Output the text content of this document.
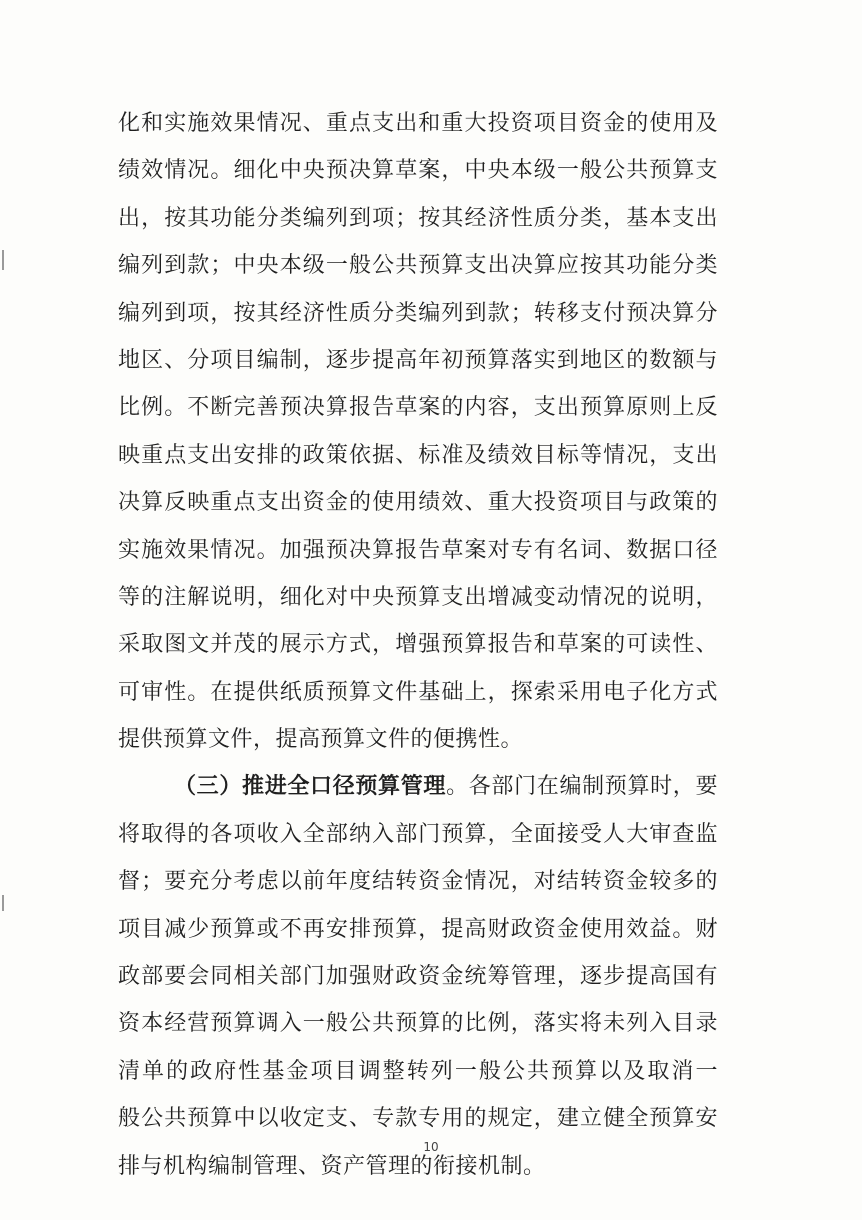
化和实施效果情况、重点支出和重大投资项目资金的使用及
绩效情况。细化中央预决算草案，中央本级一般公共预算支
出，按其功能分类编列到项；按其经济性质分类，基本支出
编列到款；中央本级一般公共预算支出决算应按其功能分类
编列到项，按其经济性质分类编列到款；转移支付预决算分
地区、分项目编制，逐步提高年初预算落实到地区的数额与
比例。不断完善预决算报告草案的内容，支出预算原则上反
映重点支出安排的政策依据、标准及绩效目标等情况，支出
决算反映重点支出资金的使用绩效、重大投资项目与政策的
实施效果情况。加强预决算报告草案对专有名词、数据口径
等的注解说明，细化对中央预算支出增减变动情况的说明，
采取图文并茂的展示方式，增强预算报告和草案的可读性、
可审性。在提供纸质预算文件基础上，探索采用电子化方式
提供预算文件，提高预算文件的便携性。
（三）推进全口径预算管理。各部门在编制预算时，要
将取得的各项收入全部纳入部门预算，全面接受人大审查监
督；要充分考虑以前年度结转资金情况，对结转资金较多的
项目减少预算或不再安排预算，提高财政资金使用效益。财
政部要会同相关部门加强财政资金统筹管理，逐步提高国有
资本经营预算调入一般公共预算的比例，落实将未列入目录
清单的政府性基金项目调整转列一般公共预算以及取消一
般公共预算中以收定支、专款专用的规定，建立健全预算安
排与机构编制管理、资产管理的衔接机制。
10
